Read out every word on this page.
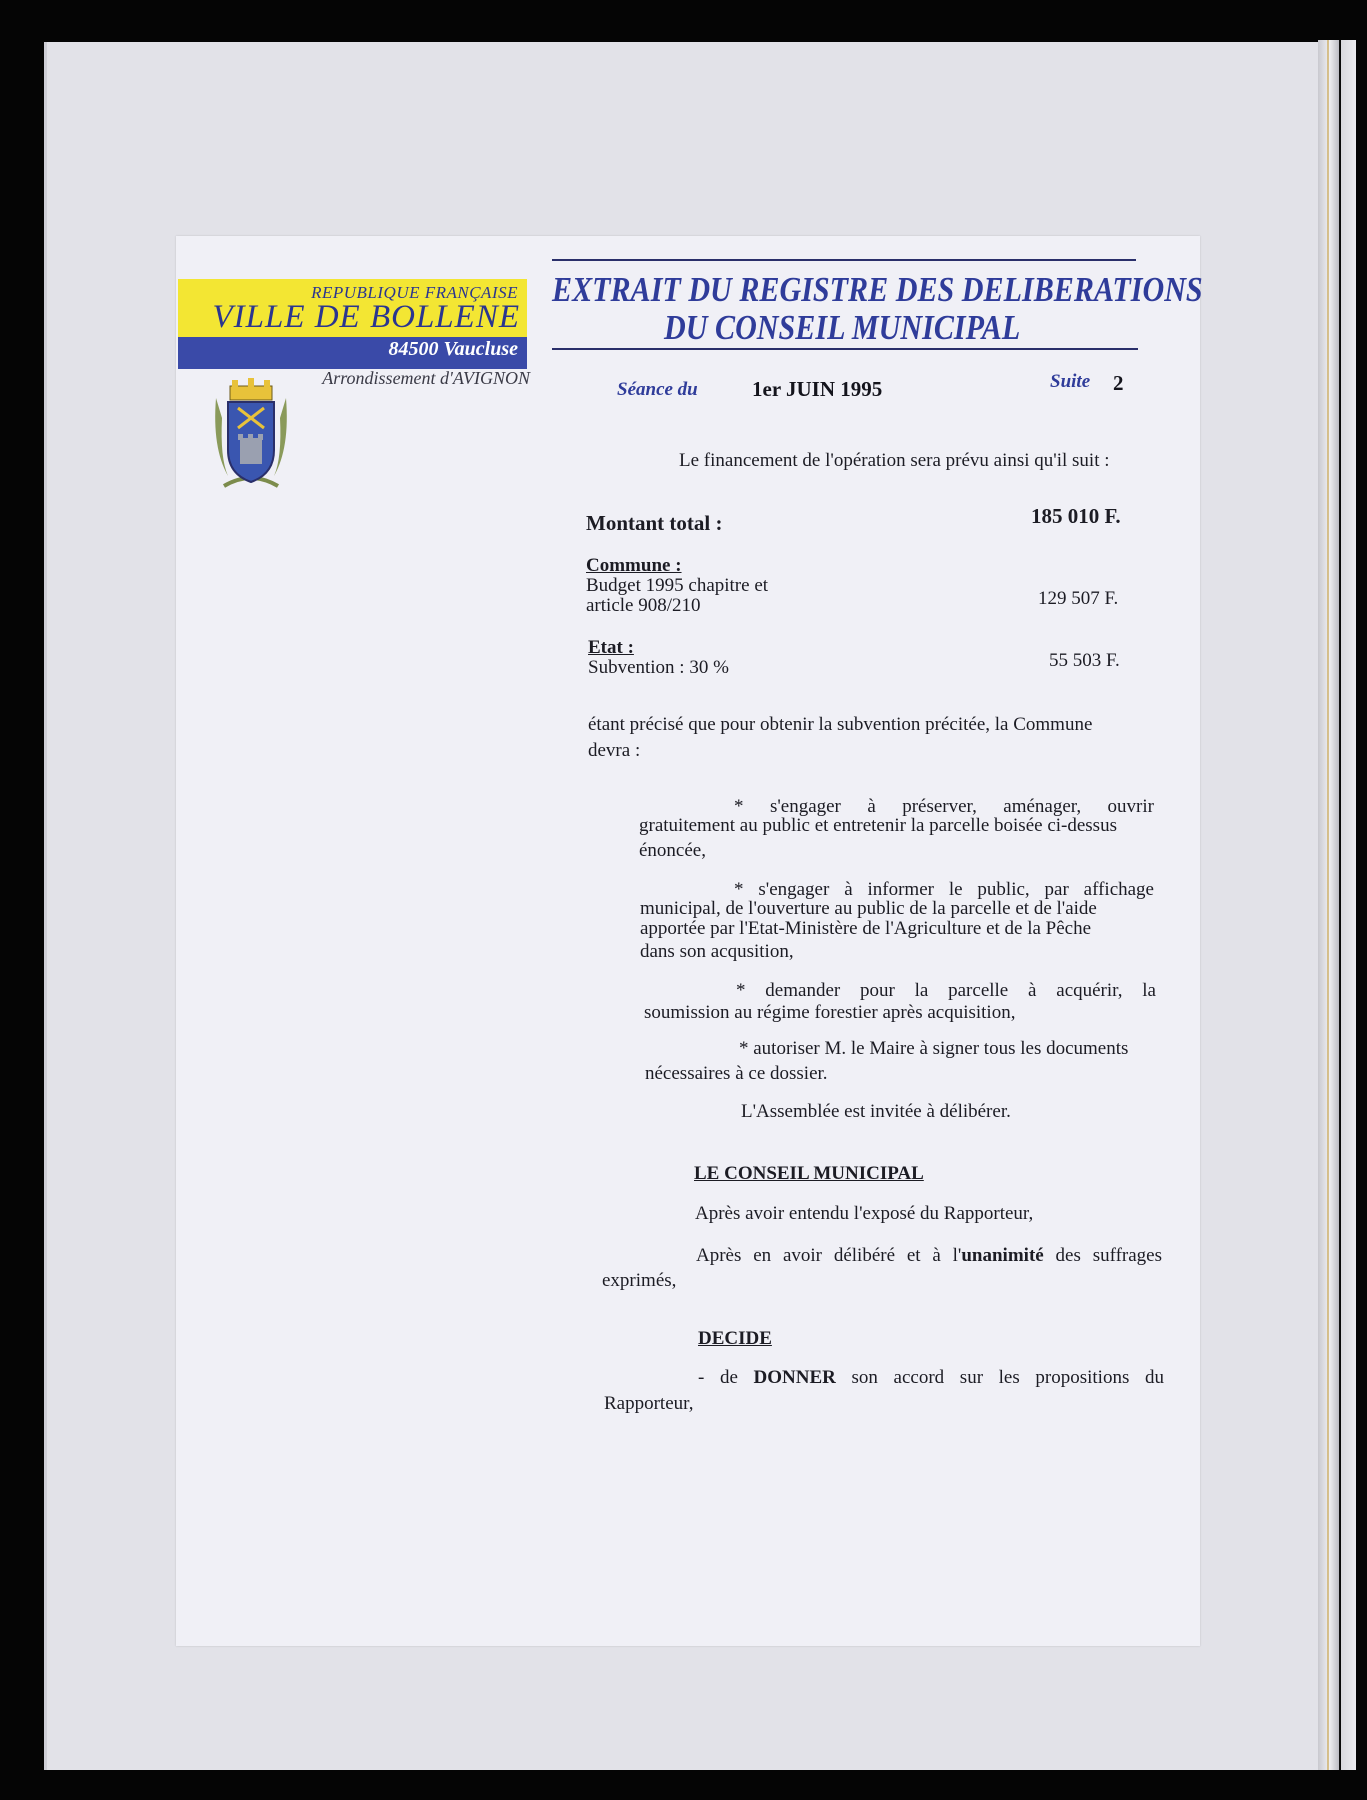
REPUBLIQUE FRANÇAISE
VILLE DE BOLLENE
84500 Vaucluse
Arrondissement d'AVIGNON
EXTRAIT DU REGISTRE DES DELIBERATIONS
DU CONSEIL MUNICIPAL
Séance du	1er JUIN 1995	Suite 2
Le financement de l'opération sera prévu ainsi qu'il suit :
Montant total :	185 010 F.
Commune :
Budget 1995 chapitre et
article 908/210	129 507 F.
Etat :
Subvention : 30 %	55 503 F.
étant précisé que pour obtenir la subvention précitée, la Commune
devra :
* s'engager à préserver, aménager, ouvrir
gratuitement au public et entretenir la parcelle boisée ci-dessus
énoncée,
* s'engager à informer le public, par affichage
municipal, de l'ouverture au public de la parcelle et de l'aide
apportée par l'Etat-Ministère de l'Agriculture et de la Pêche
dans son acqusition,
* demander pour la parcelle à acquérir, la
soumission au régime forestier après acquisition,
* autoriser M. le Maire à signer tous les documents
nécessaires à ce dossier.
L'Assemblée est invitée à délibérer.
LE CONSEIL MUNICIPAL
Après avoir entendu l'exposé du Rapporteur,
Après en avoir délibéré et à l'unanimité des suffrages
exprimés,
DECIDE
- de DONNER son accord sur les propositions du
Rapporteur,
